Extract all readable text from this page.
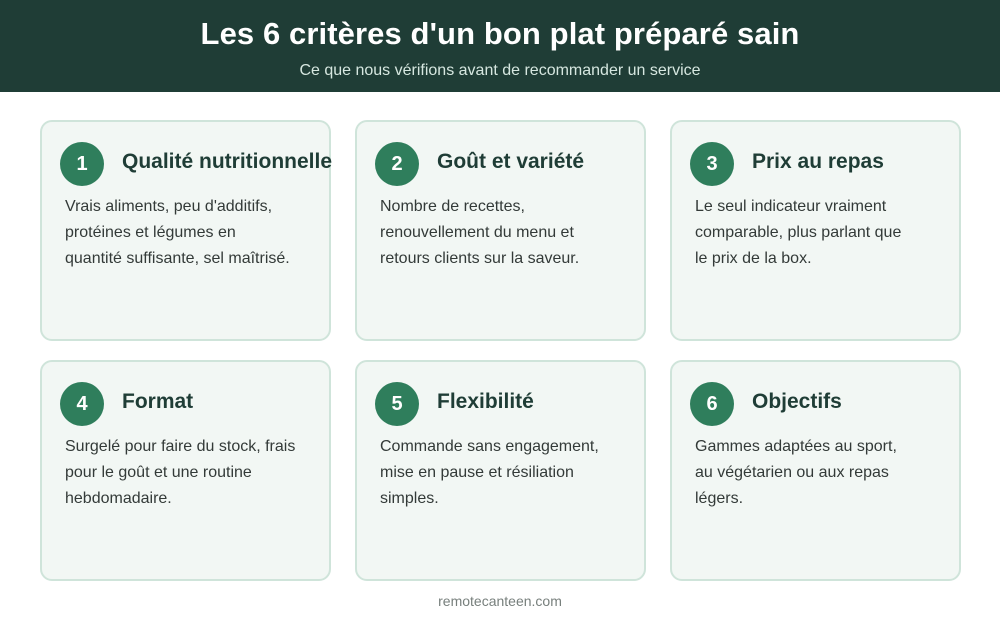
Les 6 critères d'un bon plat préparé sain
Ce que nous vérifions avant de recommander un service
1	Qualité nutritionnelle
Vrais aliments, peu d'additifs, protéines et légumes en quantité suffisante, sel maîtrisé.
2	Goût et variété
Nombre de recettes, renouvellement du menu et retours clients sur la saveur.
3	Prix au repas
Le seul indicateur vraiment comparable, plus parlant que le prix de la box.
4	Format
Surgelé pour faire du stock, frais pour le goût et une routine hebdomadaire.
5	Flexibilité
Commande sans engagement, mise en pause et résiliation simples.
6	Objectifs
Gammes adaptées au sport, au végétarien ou aux repas légers.
remotecanteen.com
